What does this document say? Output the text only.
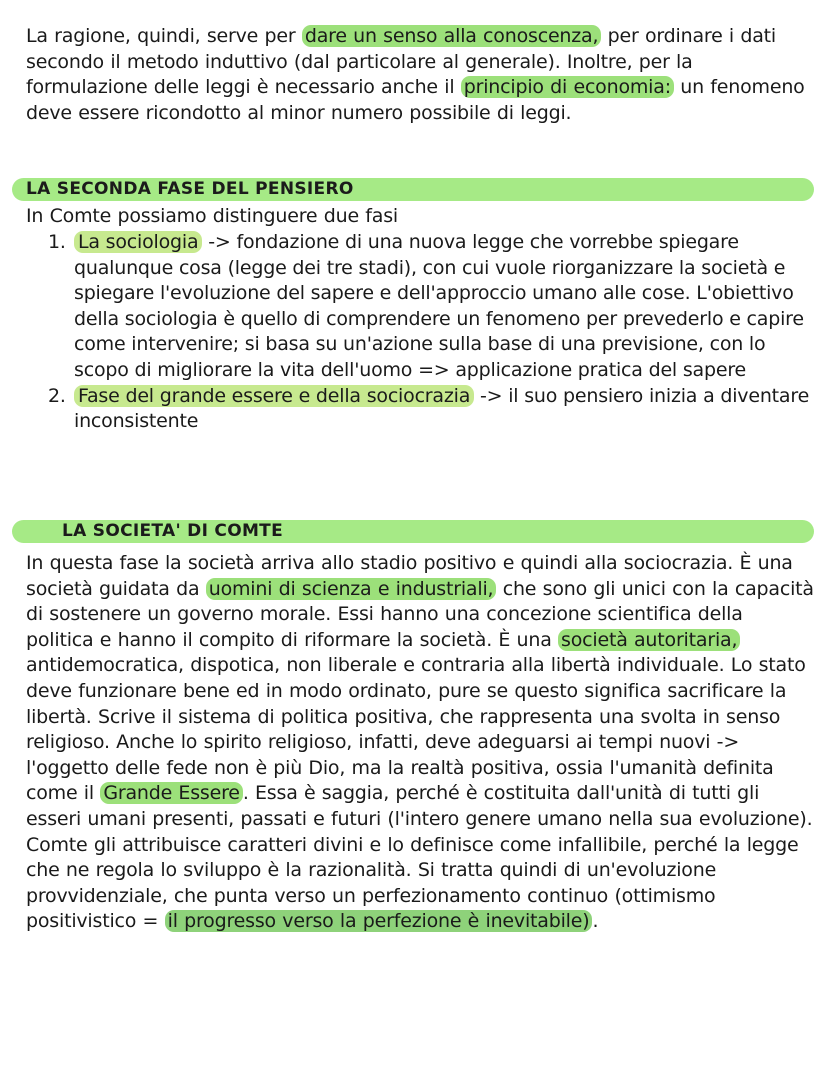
La ragione, quindi, serve per dare un senso alla conoscenza, per ordinare i dati secondo il metodo induttivo (dal particolare al generale). Inoltre, per la formulazione delle leggi è necessario anche il principio di economia: un fenomeno deve essere ricondotto al minor numero possibile di leggi.

LA SECONDA FASE DEL PENSIERO

In Comte possiamo distinguere due fasi

1. La sociologia -> fondazione di una nuova legge che vorrebbe spiegare qualunque cosa (legge dei tre stadi), con cui vuole riorganizzare la società e spiegare l'evoluzione del sapere e dell'approccio umano alle cose. L'obiettivo della sociologia è quello di comprendere un fenomeno per prevederlo e capire come intervenire; si basa su un'azione sulla base di una previsione, con lo scopo di migliorare la vita dell'uomo => applicazione pratica del sapere
2. Fase del grande essere e della sociocrazia -> il suo pensiero inizia a diventare inconsistente
LA SOCIETA' DI COMTE

In questa fase la società arriva allo stadio positivo e quindi alla sociocrazia. È una società guidata da uomini di scienza e industriali, che sono gli unici con la capacità di sostenere un governo morale. Essi hanno una concezione scientifica della politica e hanno il compito di riformare la società. È una società autoritaria, antidemocratica, dispotica, non liberale e contraria alla libertà individuale. Lo stato deve funzionare bene ed in modo ordinato, pure se questo significa sacrificare la libertà. Scrive il sistema di politica positiva, che rappresenta una svolta in senso religioso. Anche lo spirito religioso, infatti, deve adeguarsi ai tempi nuovi -> l'oggetto delle fede non è più Dio, ma la realtà positiva, ossia l'umanità definita come il Grande Essere . Essa è saggia, perché è costituita dall'unità di tutti gli esseri umani presenti, passati e futuri (l'intero genere umano nella sua evoluzione). Comte gli attribuisce caratteri divini e lo definisce come infallibile, perché la legge che ne regola lo sviluppo è la razionalità. Si tratta quindi di un'evoluzione provvidenziale, che punta verso un perfezionamento continuo (ottimismo positivistico = il progresso verso la perfezione è inevitabile) .
